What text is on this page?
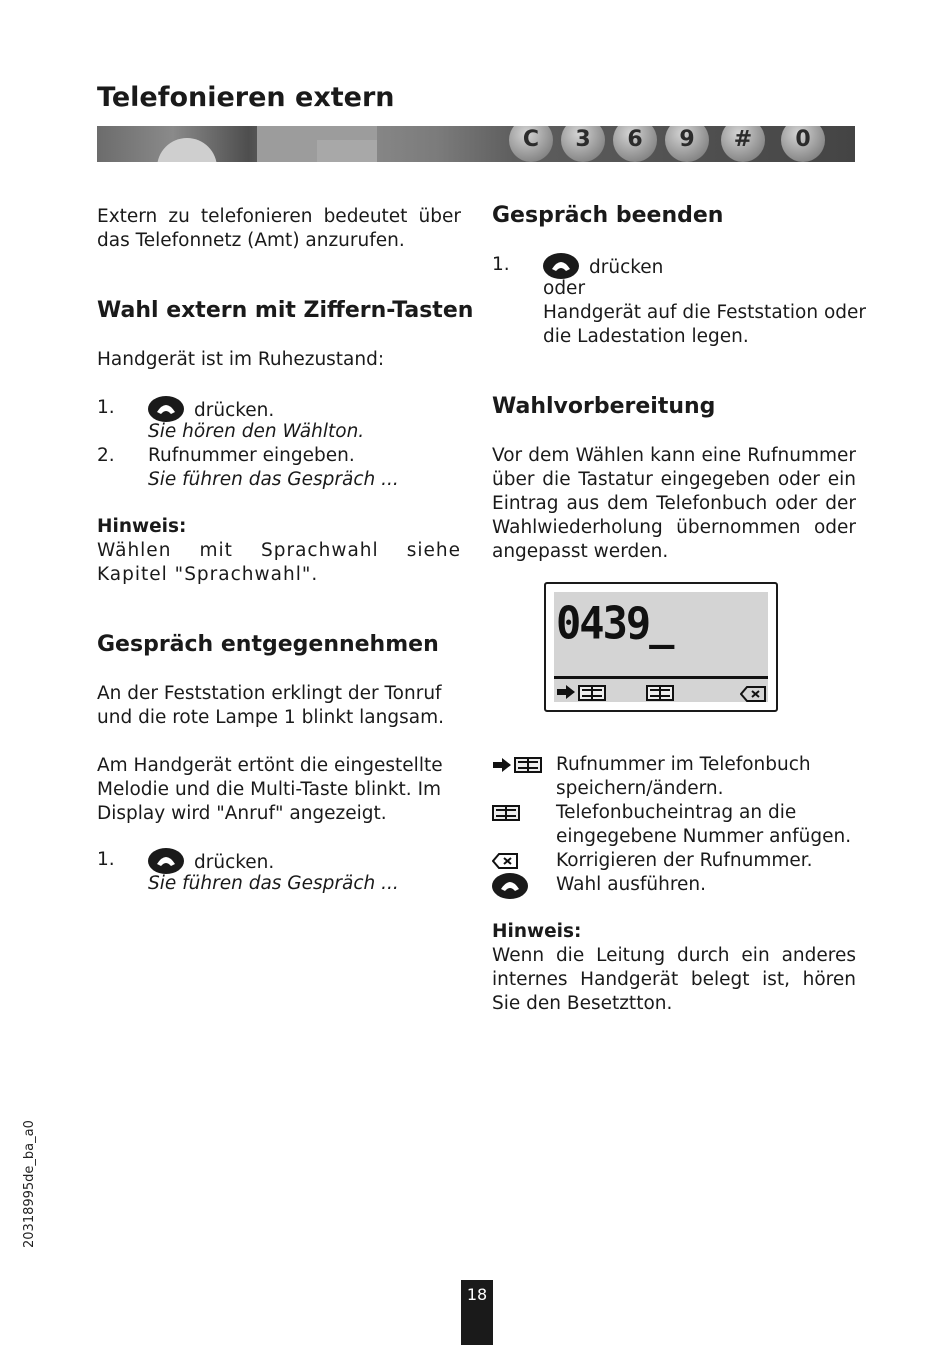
Telefonieren extern
C	3	6	9	#	0

Extern zu telefonieren bedeutet über das Telefonnetz (Amt) anzurufen.

Wahl extern mit Ziffern-Tasten

Handgerät ist im Ruhezustand:

1.	drücken.
Sie hören den Wählton.
2. Rufnummer eingeben.
Sie führen das Gespräch ...

Hinweis:

Wählen mit Sprachwahl siehe Kapitel "Sprachwahl".

Gespräch entgegennehmen

An der Feststation erklingt der Tonruf und die rote Lampe 1 blinkt langsam.

Am Handgerät ertönt die eingestellte Melodie und die Multi-Taste blinkt. Im Display wird "Anruf" angezeigt.

1.	drücken.
Sie führen das Gespräch ...
Gespräch beenden
1.	drücken
oder
Handgerät auf die Feststation oder
die Ladestation legen.
Wahlvorbereitung

Vor dem Wählen kann eine Rufnummer über die Tastatur eingegeben oder ein Eintrag aus dem Telefonbuch oder der Wahlwiederholung übernommen oder angepasst werden.

0439_
Rufnummer im Telefonbuch
speichern/ändern.
Telefonbucheintrag an die
eingegebene Nummer anfügen.
Korrigieren der Rufnummer.
Wahl ausführen.

Hinweis:

Wenn die Leitung durch ein anderes internes Handgerät belegt ist, hören Sie den Besetztton.

20318995de_ba_a0
18
